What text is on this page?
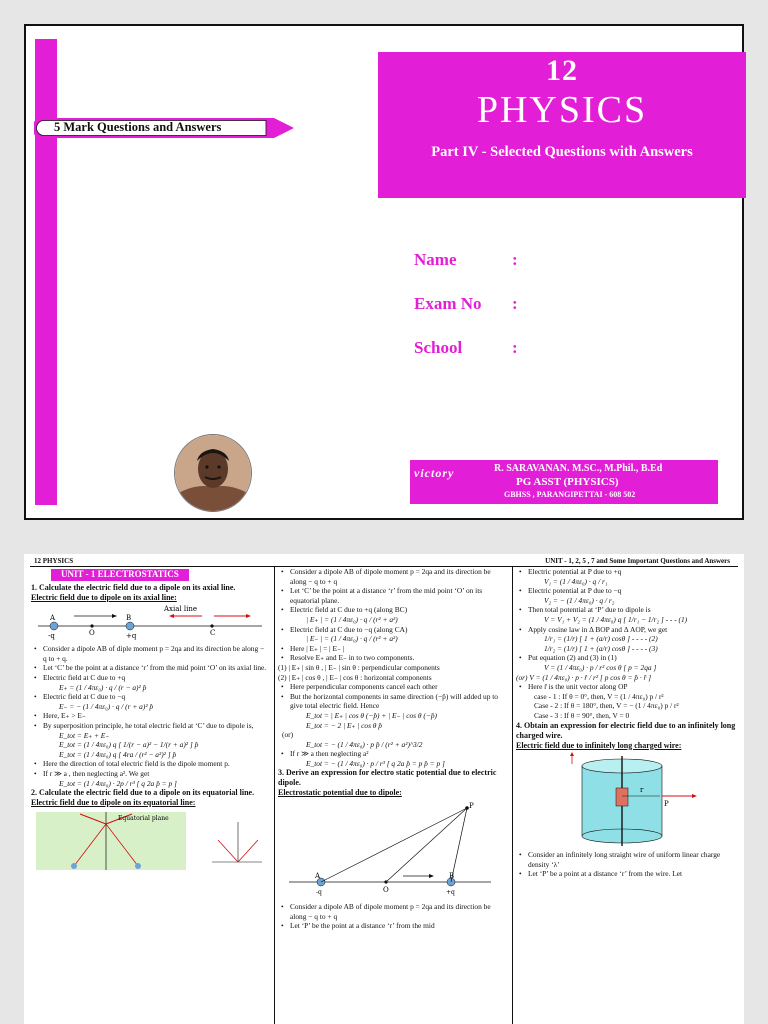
5 Mark Questions and Answers
12
PHYSICS
Part IV - Selected Questions with Answers
Name	:
Exam No :
School	:
victory	R. SARAVANAN. M.SC., M.Phil., B.Ed
PG ASST (PHYSICS)
GBHSS , PARANGIPETTAI - 608 502
12 PHYSICS	UNIT - 1, 2, 5 , 7 and Some Important Questions and Answers
UNIT - 1 ELECTROSTATICS
1. Calculate the electric field due to a dipole on its axial line.
Electric field due to dipole on its axial line:
Axial line
-q	+q
A	B
O	C
• Consider a dipole AB of diple moment p = 2qa and its direction be along − q to + q.
• Let ‘C’ be the point at a distance ‘r’ from the mid point ‘O’ on its axial line.
• Electric field at C due to +q
E₊ = (1 / 4πε₀) · q / (r − a)² p̂
• Electric field at C due to −q
E₋ = − (1 / 4πε₀) · q / (r + a)² p̂
• Here, E₊ > E₋
• By superposition principle, he total electric field at ‘C’ due to dipole is,
E_tot = E₊ + E₋
E_tot = (1 / 4πε₀) q [ 1/(r − a)² − 1/(r + a)² ] p̂
E_tot = (1 / 4πε₀) q [ 4ra / (r² − a²)² ] p̂
• Here the direction of total electric field is the dipole moment p.
• If r ≫ a , then neglecting a². We get
E_tot = (1 / 4πε₀) · 2p / r³ [ q 2a p̂ = p ]
2. Calculate the electric field due to a dipole on its equatorial line.
Electric field due to dipole on its equatorial line:
Equatorial plane
• Consider a dipole AB of dipole moment p = 2qa and its direction be along − q to + q
• Let ‘C’ be the point at a distance ‘r’ from the mid point ‘O’ on its equatorial plane.
• Electric field at C due to +q (along BC)
| E₊ | = (1 / 4πε₀) · q / (r² + a²)
• Electric field at C due to −q (along CA)
| E₋ | = (1 / 4πε₀) · q / (r² + a²)
• Here | E₊ | = | E₋ |
• Resolve E₊ and E₋ in to two components.
(1) | E₊ | sin θ , | E₋ | sin θ : perpendicular components
(2) | E₊ | cos θ , | E₋ | cos θ : horizontal components
• Here perpendicular components cancel each other
• But the horizontal components in same direction (−p̂) will added up to give total electric field. Hence
E_tot = | E₊ | cos θ (−p̂) + | E₋ | cos θ (−p̂)
E_tot = − 2 | E₊ | cos θ p̂
(or)
E_tot = − (1 / 4πε₀) · p p̂ / (r² + a²)^3/2
• If r ≫ a then neglecting a²
E_tot = − (1 / 4πε₀) · p / r³ [ q 2a p̂ = p p̂ = p ]
3. Derive an expression for electro static potential due to electric dipole.
Electrostatic potential due to dipole:
P
A	B
O
-q	+q
• Consider a dipole AB of dipole moment p = 2qa and its direction be along − q to + q
• Let ‘P’ be the point at a distance ‘r’ from the mid
• Electric potential at P due to +q
V₁ = (1 / 4πε₀) · q / r₁
• Electric potential at P due to −q
V₂ = − (1 / 4πε₀) · q / r₂
• Then total potential at ‘P’ due to dipole is
V = V₁ + V₂ = (1 / 4πε₀) q [ 1/r₁ − 1/r₂ ] - - - (1)
• Apply cosine law in Δ BOP and Δ AOP, we get
1/r₁ = (1/r) [ 1 + (a/r) cosθ ] - - - - (2)
1/r₂ = (1/r) [ 1 + (a/r) cosθ ] - - - - (3)
• Put equation (2) and (3) in (1)
V = (1 / 4πε₀) · p / r² cos θ [ p = 2qa ]
(or) V = (1 / 4πε₀) · p · r̂ / r² [ p cos θ = p̂ · r̂ ]
• Here r̂ is the unit vector along OP
case - 1 : If θ = 0°, then, V = (1 / 4πε₀) p / r²
Case - 2 : If θ = 180°, then, V = − (1 / 4πε₀) p / r²
Case - 3 : If θ = 90°, then, V = 0
4. Obtain an expression for electric field due to an infinitely long charged wire.
Electric field due to infinitely long charged wire:
r
P
• Consider an infinitely long straight wire of uniform linear charge density ‘λ’
• Let ‘P’ be a point at a distance ‘r’ from the wire. Let
